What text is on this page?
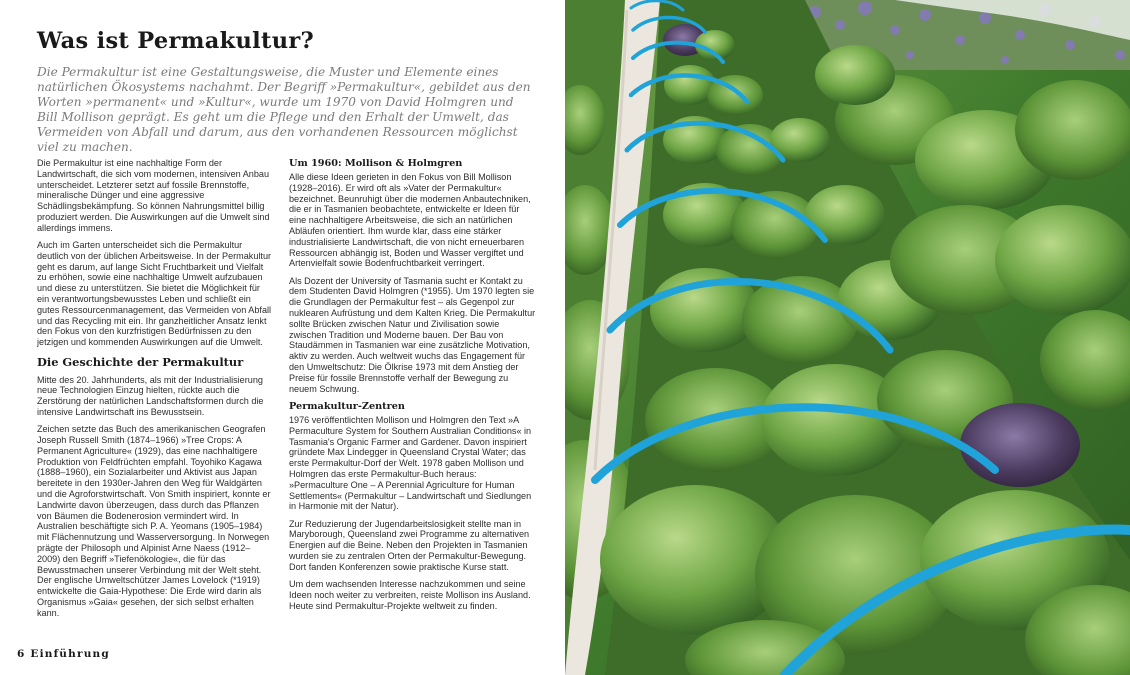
Was ist Permakultur?

Die Permakultur ist eine Gestaltungsweise, die Muster und Elemente eines natürlichen Ökosystems nachahmt. Der Begriff »Permakultur«, gebildet aus den Worten »permanent« und »Kultur«, wurde um 1970 von David Holmgren und Bill Mollison geprägt. Es geht um die Pflege und den Erhalt der Umwelt, das Vermeiden von Abfall und darum, aus den vorhandenen Ressourcen möglichst viel zu machen.

Die Permakultur ist eine nachhaltige Form der Landwirtschaft, die sich vom modernen, intensiven Anbau unterscheidet. Letzterer setzt auf fossile Brennstoffe, mineralische Dünger und eine aggressive Schädlingsbekämpfung. So können Nahrungsmittel billig produziert werden. Die Auswirkungen auf die Umwelt sind allerdings immens.

Auch im Garten unterscheidet sich die Permakultur deutlich von der üblichen Arbeitsweise. In der Permakultur geht es darum, auf lange Sicht Fruchtbarkeit und Vielfalt zu erhöhen, sowie eine nachhaltige Umwelt aufzubauen und diese zu unterstützen. Sie bietet die Möglichkeit für ein verantwortungsbewusstes Leben und schließt ein gutes Ressourcenmanagement, das Vermeiden von Abfall und das Recycling mit ein. Ihr ganzheitlicher Ansatz lenkt den Fokus von den kurzfristigen Bedürfnissen zu den jetzigen und kommenden Auswirkungen auf die Umwelt.

Die Geschichte der Permakultur

Mitte des 20. Jahrhunderts, als mit der Industrialisierung neue Technologien Einzug hielten, rückte auch die Zerstörung der natürlichen Landschaftsformen durch die intensive Landwirtschaft ins Bewusstsein.

Zeichen setzte das Buch des amerikanischen Geografen Joseph Russell Smith (1874–1966) »Tree Crops: A Permanent Agriculture« (1929), das eine nachhaltigere Produktion von Feldfrüchten empfahl. Toyohiko Kagawa (1888–1960), ein Sozialarbeiter und Aktivist aus Japan bereitete in den 1930er-Jahren den Weg für Waldgärten und die Agroforstwirtschaft. Von Smith inspiriert, konnte er Landwirte davon überzeugen, dass durch das Pflanzen von Bäumen die Bodenerosion vermindert wird. In Australien beschäftigte sich P. A. Yeomans (1905–1984) mit Flächennutzung und Wasserversorgung. In Norwegen prägte der Philosoph und Alpinist Arne Naess (1912–2009) den Begriff »Tiefenökologie«, die für das Bewusstmachen unserer Verbindung mit der Welt steht. Der englische Umweltschützer James Lovelock (*1919) entwickelte die Gaia-Hypothese: Die Erde wird darin als Organismus »Gaia« gesehen, der sich selbst erhalten kann.

Um 1960: Mollison & Holmgren

Alle diese Ideen gerieten in den Fokus von Bill Mollison (1928–2016). Er wird oft als »Vater der Permakultur« bezeichnet. Beunruhigt über die modernen Anbautechniken, die er in Tasmanien beobachtete, entwickelte er Ideen für eine nachhaltigere Arbeitsweise, die sich an natürlichen Abläufen orientiert. Ihm wurde klar, dass eine stärker industrialisierte Landwirtschaft, die von nicht erneuerbaren Ressourcen abhängig ist, Boden und Wasser vergiftet und Artenvielfalt sowie Bodenfruchtbarkeit verringert.

Als Dozent der University of Tasmania sucht er Kontakt zu dem Studenten David Holmgren (*1955). Um 1970 legten sie die Grundlagen der Permakultur fest – als Gegenpol zur nuklearen Aufrüstung und dem Kalten Krieg. Die Permakultur sollte Brücken zwischen Natur und Zivilisation sowie zwischen Tradition und Moderne bauen. Der Bau von Staudämmen in Tasmanien war eine zusätzliche Motivation, aktiv zu werden. Auch weltweit wuchs das Engagement für den Umweltschutz: Die Ölkrise 1973 mit dem Anstieg der Preise für fossile Brennstoffe verhalf der Bewegung zu neuem Schwung.

Permakultur-Zentren

1976 veröffentlichten Mollison und Holmgren den Text »A Permaculture System for Southern Australian Conditions« in Tasmania's Organic Farmer and Gardener. Davon inspiriert gründete Max Lindegger in Queensland Crystal Water; das erste Permakultur-Dorf der Welt. 1978 gaben Mollison und Holmgren das erste Permakultur-Buch heraus: »Permaculture One – A Perennial Agriculture for Human Settlements« (Permakultur – Landwirtschaft und Siedlungen in Harmonie mit der Natur).

Zur Reduzierung der Jugendarbeitslosigkeit stellte man in Maryborough, Queensland zwei Programme zu alternativen Energien auf die Beine. Neben den Projekten in Tasmanien wurden sie zu zentralen Orten der Permakultur-Bewegung. Dort fanden Konferenzen sowie praktische Kurse statt.

Um dem wachsenden Interesse nachzukommen und seine Ideen noch weiter zu verbreiten, reiste Mollison ins Ausland. Heute sind Permakultur-Projekte weltweit zu finden.

6 Einführung
